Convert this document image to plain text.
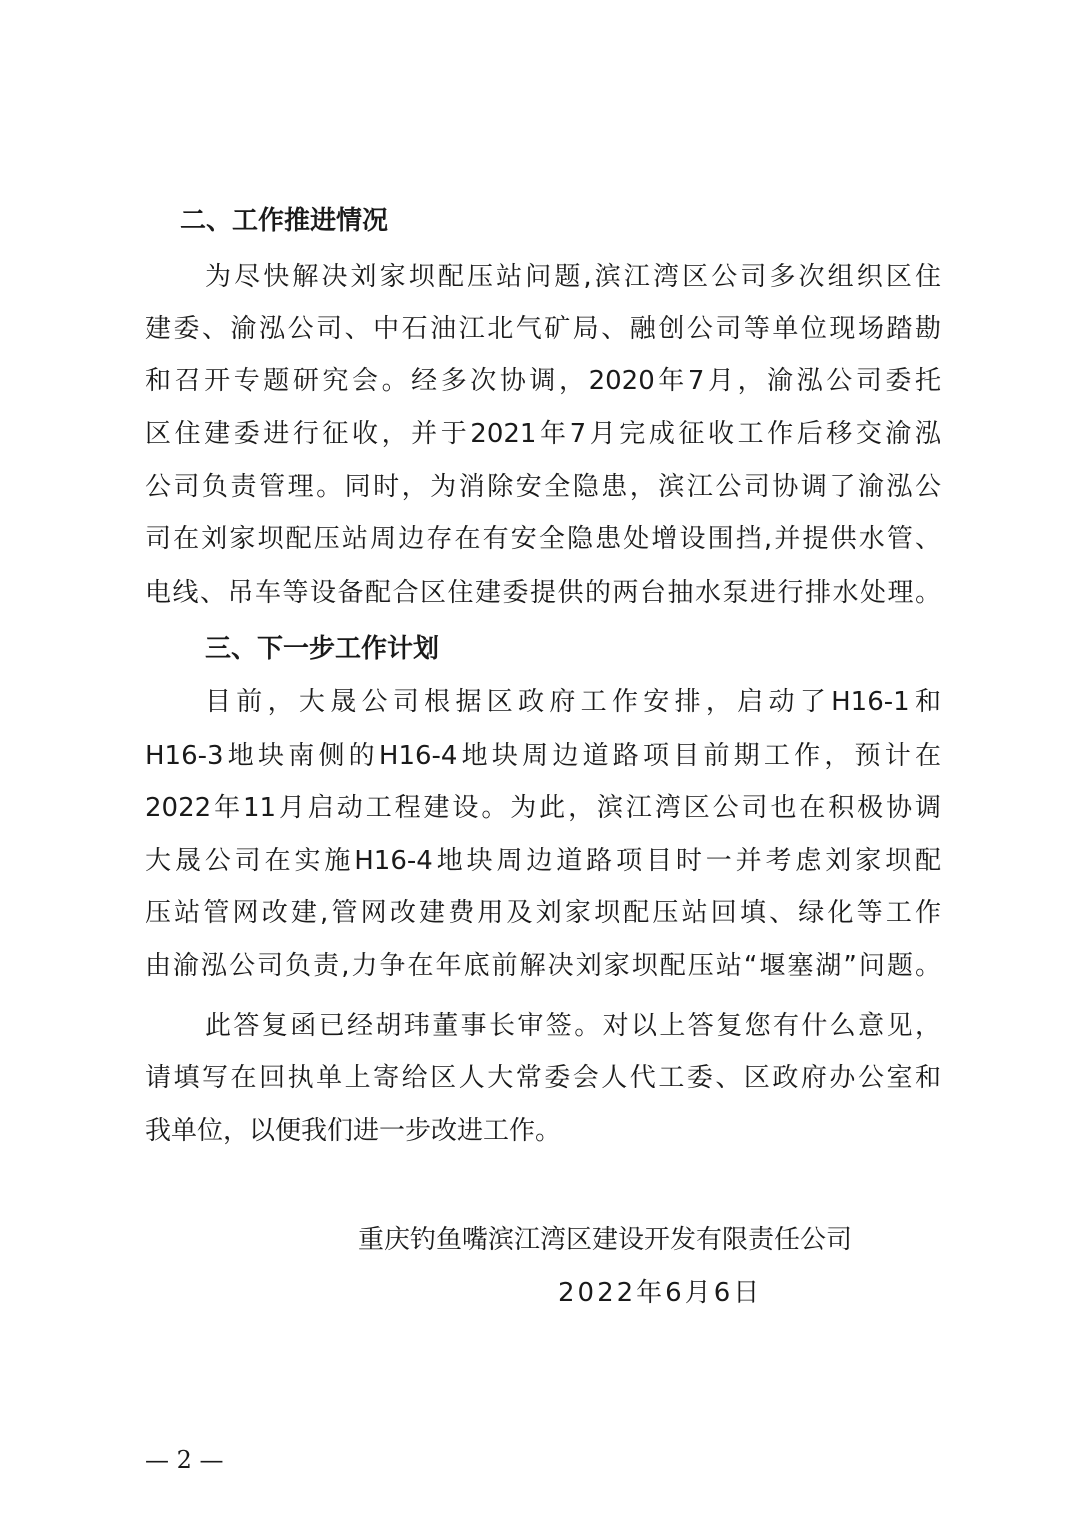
二、工作推进情况
为尽快解决刘家坝配压站问题,滨江湾区公司多次组织区住
建委、渝泓公司、中石油江北气矿局、融创公司等单位现场踏勘
和召开专题研究会。经多次协调，2020年7月，渝泓公司委托
区住建委进行征收，并于2021年7月完成征收工作后移交渝泓
公司负责管理。同时，为消除安全隐患，滨江公司协调了渝泓公
司在刘家坝配压站周边存在有安全隐患处增设围挡,并提供水管、
电线、吊车等设备配合区住建委提供的两台抽水泵进行排水处理。
三、下一步工作计划
目前，大晟公司根据区政府工作安排，启动了H16-1和
H16-3地块南侧的H16-4地块周边道路项目前期工作，预计在
2022年11月启动工程建设。为此，滨江湾区公司也在积极协调
大晟公司在实施H16-4地块周边道路项目时一并考虑刘家坝配
压站管网改建,管网改建费用及刘家坝配压站回填、绿化等工作
由渝泓公司负责,力争在年底前解决刘家坝配压站“堰塞湖”问题。
此答复函已经胡玮董事长审签。对以上答复您有什么意见，
请填写在回执单上寄给区人大常委会人代工委、区政府办公室和
我单位，以便我们进一步改进工作。
重庆钓鱼嘴滨江湾区建设开发有限责任公司
2022年6月6日
— 2 —
